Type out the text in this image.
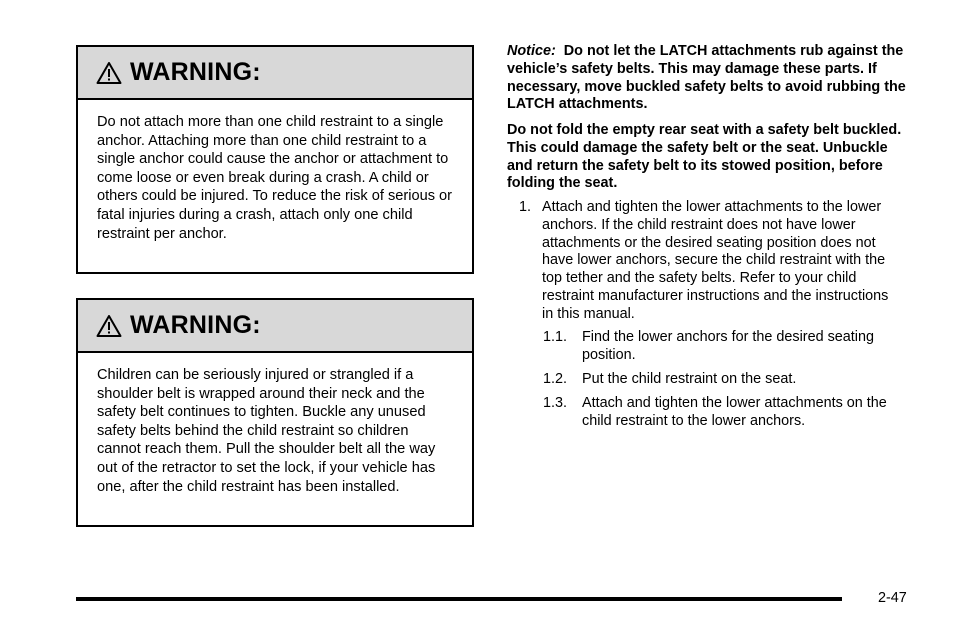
WARNING:
Do not attach more than one child restraint to a single anchor. Attaching more than one child restraint to a single anchor could cause the anchor or attachment to come loose or even break during a crash. A child or others could be injured. To reduce the risk of serious or fatal injuries during a crash, attach only one child restraint per anchor.
WARNING:
Children can be seriously injured or strangled if a shoulder belt is wrapped around their neck and the safety belt continues to tighten. Buckle any unused safety belts behind the child restraint so children cannot reach them. Pull the shoulder belt all the way out of the retractor to set the lock, if your vehicle has one, after the child restraint has been installed.

Notice: Do not let the LATCH attachments rub against the vehicle’s safety belts. This may damage these parts. If necessary, move buckled safety belts to avoid rubbing the LATCH attachments.

Do not fold the empty rear seat with a safety belt buckled. This could damage the safety belt or the seat. Unbuckle and return the safety belt to its stowed position, before folding the seat.
1. Attach and tighten the lower attachments to the lower anchors. If the child restraint does not have lower attachments or the desired seating position does not have lower anchors, secure the child restraint with the top tether and the safety belts. Refer to your child restraint manufacturer instructions and the instructions in this manual.
1.1. Find the lower anchors for the desired seating position.
1.2. Put the child restraint on the seat.
1.3. Attach and tighten the lower attachments on the child restraint to the lower anchors.
2-47
